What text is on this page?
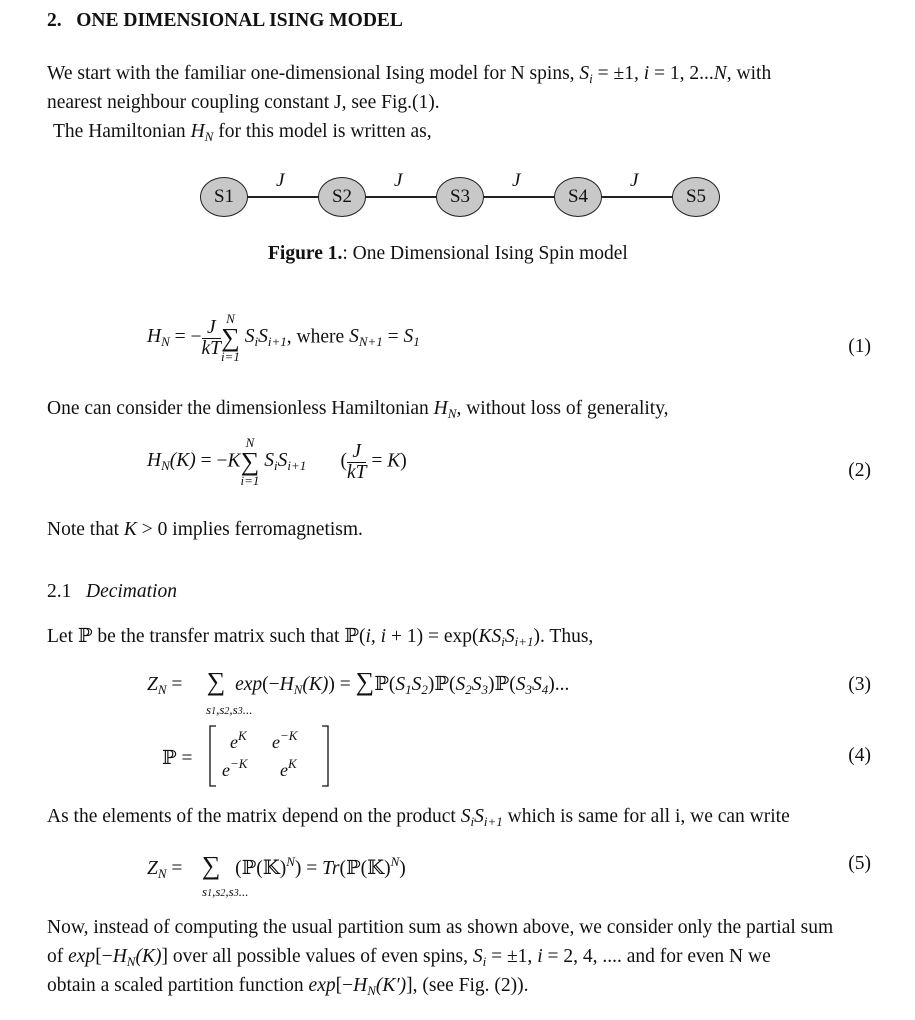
2. ONE DIMENSIONAL ISING MODEL
We start with the familiar one-dimensional Ising model for N spins, $S_i = \pm 1$, i = 1, 2...N, with
nearest neighbour coupling constant J, see Fig.(1).
The Hamiltonian $H_N$ for this model is written as,
J	J	J	J
S1	S2	S3	S4	S5
Figure 1.: One Dimensional Ising Spin model
$H_N$ = − $\frac{J}{kT}$ N
∑
i=1
$S_iS_{i+1}$, where $S_{N+1} = S_1$	(1)
One can consider the dimensionless Hamiltonian $H_N$, without loss of generality,
$H_N(K) = -K$
N
∑
i=1
$S_iS_{i+1}$       ( $\frac{J}{kT} = K$)	(2)
Note that K > 0 implies ferromagnetism.
2.1 Decimation
Let ℙ be the transfer matrix such that ℙ(i, $i + 1) = \exp(KS_iS_{i+1})$. Thus,
$Z_N$ =     ∑ $\exp(-H_N(K))$ = $\sum ℙ(S_1S_2)ℙ(S_2S_3)ℙ(S_3S_4)$...
s1,s2,s3...
(3)
ℙ =
$e^K$ $e^{-K}$
$e^{-K}$ $e^K$	(4)
As the elements of the matrix depend on the product $S_iS_{i+1}$ which is same for all i, we can write
$Z_N$ =    ∑   (ℙ(𝕂)$^N$) = Tr(ℙ(𝕂)$^N$)
s1,s2,s3...
(5)
Now, instead of computing the usual partition sum as shown above, we consider only the partial sum
of $\exp[-H_N(K)]$ over all possible values of even spins, $S_i = \pm 1$, i = 2, 4, .... and for even N we
obtain a scaled partition function $\exp[-H_N(K')]$, (see Fig. (2)).
